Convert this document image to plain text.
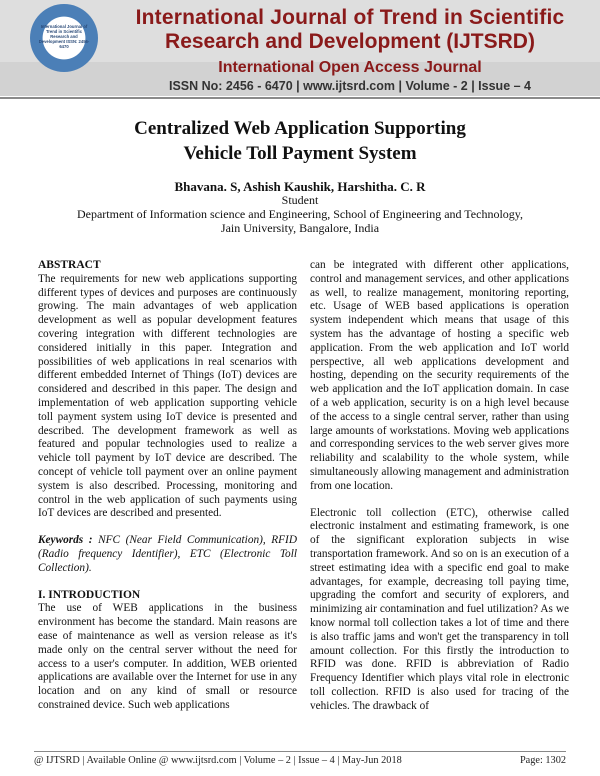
International Journal of Trend in Scientific Research and Development ISSN: 2456-6470
International Journal of Trend in Scientific
Research and Development (IJTSRD)
International Open Access Journal
ISSN No: 2456 - 6470 | www.ijtsrd.com | Volume - 2 | Issue – 4
Centralized Web Application Supporting
Vehicle Toll Payment System
Bhavana. S, Ashish Kaushik, Harshitha. C. R
Student
Department of Information science and Engineering, School of Engineering and Technology,
Jain University, Bangalore, India
ABSTRACT

The requirements for new web applications supporting different types of devices and purposes are continuously growing. The main advantages of web application development as well as popular development features covering integration with different technologies are considered initially in this paper. Integration and possibilities of web applications in real scenarios with different embedded Internet of Things (IoT) devices are considered and described in this paper. The design and implementation of web application supporting vehicle toll payment system using IoT device is presented and described. The development framework as well as featured and popular technologies used to realize a vehicle toll payment by IoT device are described. The concept of vehicle toll payment over an online payment system is also described. Processing, monitoring and control in the web application of such payments using IoT devices are described and presented.

Keywords : NFC (Near Field Communication), RFID (Radio frequency Identifier), ETC (Electronic Toll Collection).

I. INTRODUCTION

The use of WEB applications in the business environment has become the standard. Main reasons are ease of maintenance as well as version release as it's made only on the central server without the need for access to a user's computer. In addition, WEB oriented applications are available over the Internet for use in any location and on any kind of small or resource constrained device. Such web applications

can be integrated with different other applications, control and management services, and other applications as well, to realize management, monitoring reporting, etc. Usage of WEB based applications is operation system independent which means that usage of this system has the advantage of hosting a specific web application. From the web application and IoT world perspective, all web applications development and hosting, depending on the security requirements of the web application and the IoT application domain. In case of a web application, security is on a high level because of the access to a single central server, rather than using large amounts of workstations. Moving web applications and corresponding services to the web server gives more reliability and scalability to the whole system, while simultaneously allowing management and administration from one location.

Electronic toll collection (ETC), otherwise called electronic instalment and estimating framework, is one of the significant exploration subjects in wise transportation framework. And so on is an execution of a street estimating idea with a specific end goal to make advantages, for example, decreasing toll paying time, upgrading the comfort and security of explorers, and minimizing air contamination and fuel utilization? As we know normal toll collection takes a lot of time and there is also traffic jams and won't get the transparency in toll amount collection. For this firstly the introduction to RFID was done. RFID is abbreviation of Radio Frequency Identifier which plays vital role in electronic toll collection. RFID is also used for tracing of the vehicles. The drawback of

@ IJTSRD | Available Online @ www.ijtsrd.com | Volume – 2 | Issue – 4 | May-Jun 2018	Page: 1302
